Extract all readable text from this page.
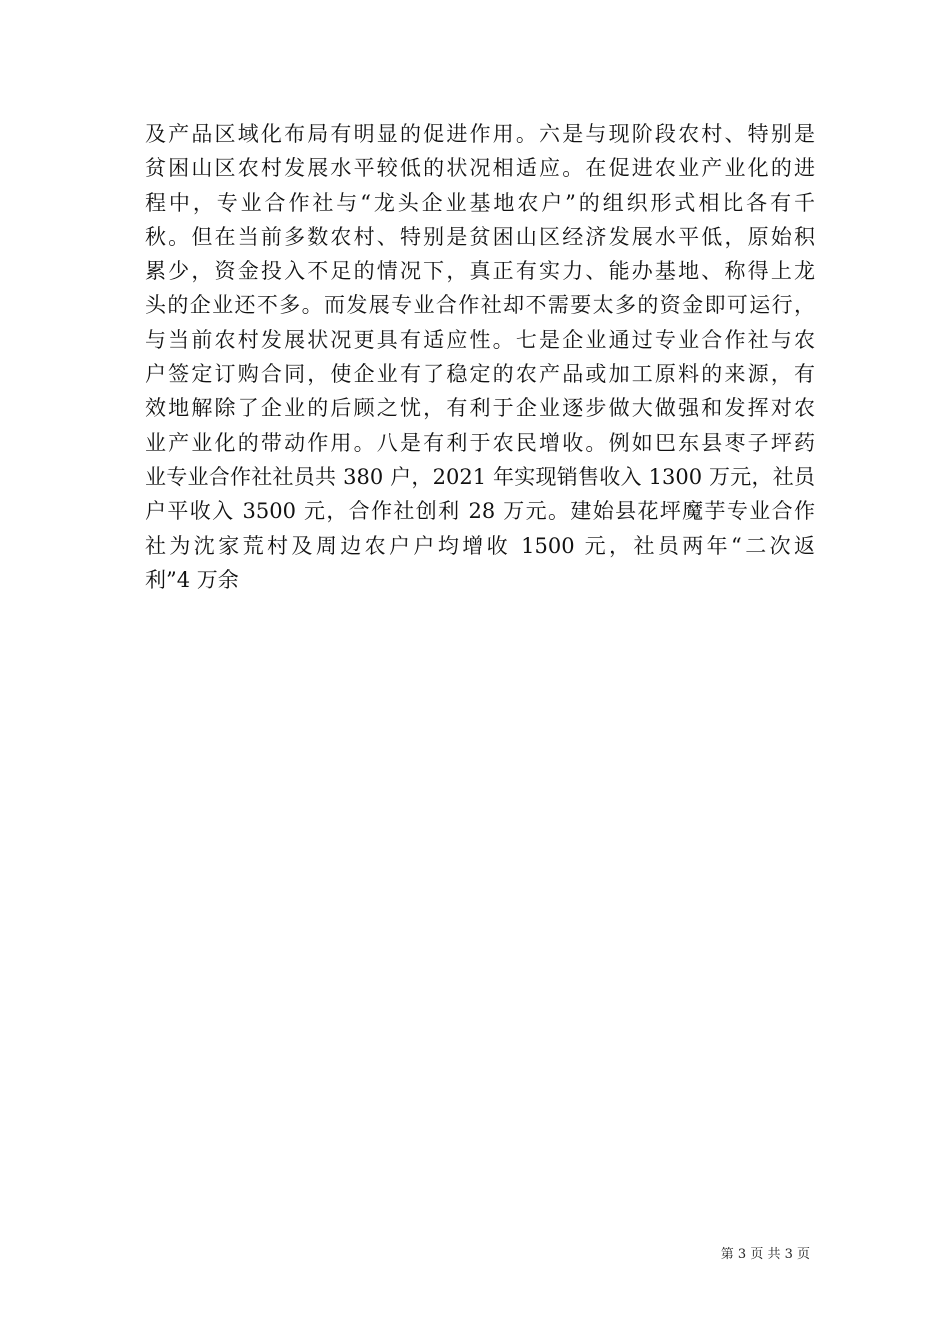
及产品区域化布局有明显的促进作用。六是与现阶段农村、特别是
贫困山区农村发展水平较低的状况相适应。在促进农业产业化的进
程中，专业合作社与“龙头企业基地农户”的组织形式相比各有千
秋。但在当前多数农村、特别是贫困山区经济发展水平低，原始积
累少，资金投入不足的情况下，真正有实力、能办基地、称得上龙
头的企业还不多。而发展专业合作社却不需要太多的资金即可运行，
与当前农村发展状况更具有适应性。七是企业通过专业合作社与农
户签定订购合同，使企业有了稳定的农产品或加工原料的来源，有
效地解除了企业的后顾之忧，有利于企业逐步做大做强和发挥对农
业产业化的带动作用。八是有利于农民增收。例如巴东县枣子坪药
业专业合作社社员共 380 户，2021 年实现销售收入 1300 万元，社员
户平收入 3500 元，合作社创利 28 万元。建始县花坪魔芋专业合作
社为沈家荒村及周边农户户均增收 1500 元，社员两年“二次返
利”4 万余
第 3 页 共 3 页
